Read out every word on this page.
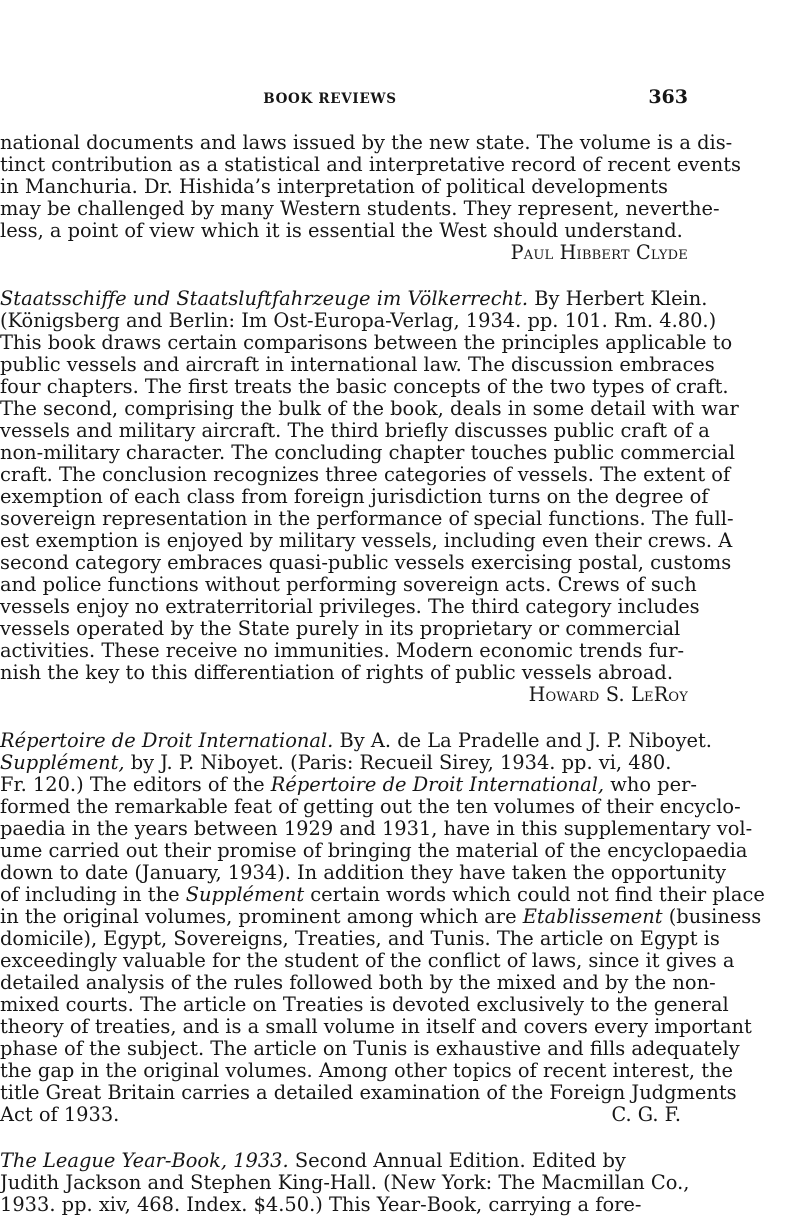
BOOK REVIEWS	363
national documents and laws issued by the new state. The volume is a dis-
tinct contribution as a statistical and interpretative record of recent events
in Manchuria. Dr. Hishida’s interpretation of political developments
may be challenged by many Western students. They represent, neverthe-
less, a point of view which it is essential the West should understand.
Paul Hibbert Clyde
Staatsschiffe und Staatsluftfahrzeuge im Völkerrecht. By Herbert Klein.
(Königsberg and Berlin: Im Ost-Europa-Verlag, 1934. pp. 101. Rm. 4.80.)
This book draws certain comparisons between the principles applicable to
public vessels and aircraft in international law. The discussion embraces
four chapters. The first treats the basic concepts of the two types of craft.
The second, comprising the bulk of the book, deals in some detail with war
vessels and military aircraft. The third briefly discusses public craft of a
non-military character. The concluding chapter touches public commercial
craft. The conclusion recognizes three categories of vessels. The extent of
exemption of each class from foreign jurisdiction turns on the degree of
sovereign representation in the performance of special functions. The full-
est exemption is enjoyed by military vessels, including even their crews. A
second category embraces quasi-public vessels exercising postal, customs
and police functions without performing sovereign acts. Crews of such
vessels enjoy no extraterritorial privileges. The third category includes
vessels operated by the State purely in its proprietary or commercial
activities. These receive no immunities. Modern economic trends fur-
nish the key to this differentiation of rights of public vessels abroad.
Howard S. LeRoy
Répertoire de Droit International. By A. de La Pradelle and J. P. Niboyet.
Supplément, by J. P. Niboyet. (Paris: Recueil Sirey, 1934. pp. vi, 480.
Fr. 120.) The editors of the Répertoire de Droit International, who per-
formed the remarkable feat of getting out the ten volumes of their encyclo-
paedia in the years between 1929 and 1931, have in this supplementary vol-
ume carried out their promise of bringing the material of the encyclopaedia
down to date (January, 1934). In addition they have taken the opportunity
of including in the Supplément certain words which could not find their place
in the original volumes, prominent among which are Etablissement (business
domicile), Egypt, Sovereigns, Treaties, and Tunis. The article on Egypt is
exceedingly valuable for the student of the conflict of laws, since it gives a
detailed analysis of the rules followed both by the mixed and by the non-
mixed courts. The article on Treaties is devoted exclusively to the general
theory of treaties, and is a small volume in itself and covers every important
phase of the subject. The article on Tunis is exhaustive and fills adequately
the gap in the original volumes. Among other topics of recent interest, the
title Great Britain carries a detailed examination of the Foreign Judgments
Act of 1933.	C. G. F.
The League Year-Book, 1933. Second Annual Edition. Edited by
Judith Jackson and Stephen King-Hall. (New York: The Macmillan Co.,
1933. pp. xiv, 468. Index. $4.50.) This Year-Book, carrying a fore-
